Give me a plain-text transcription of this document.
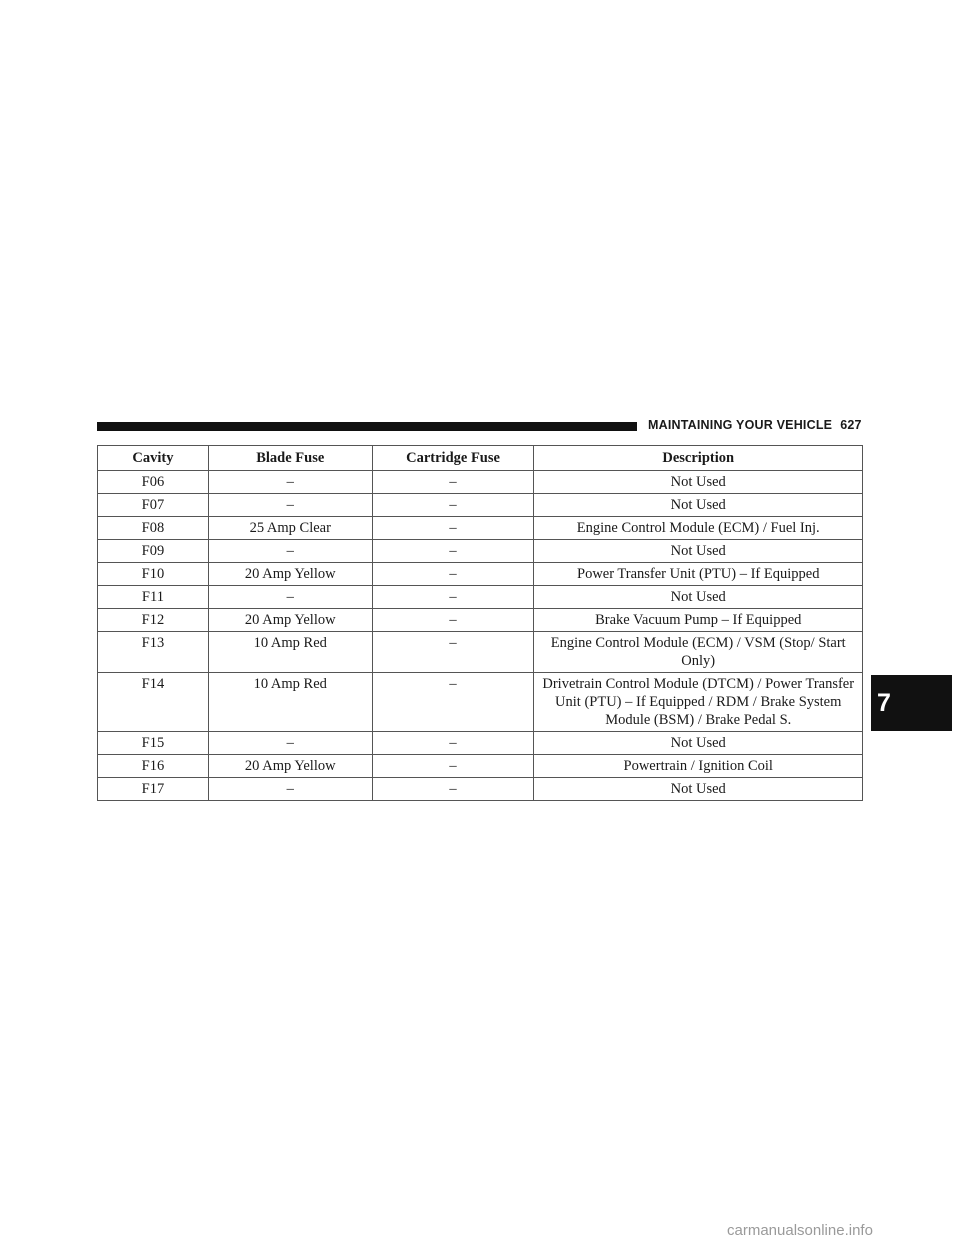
MAINTAINING YOUR VEHICLE 627
7
Cavity	Blade Fuse	Cartridge Fuse	Description
F06	–	–	Not Used
F07	–	–	Not Used
F08	25 Amp Clear	–	Engine Control Module (ECM) / Fuel Inj.
F09	–	–	Not Used
F10	20 Amp Yellow	–	Power Transfer Unit (PTU) – If Equipped
F11	–	–	Not Used
F12	20 Amp Yellow	–	Brake Vacuum Pump – If Equipped
F13	10 Amp Red	–	Engine Control Module (ECM) / VSM (Stop/ Start Only)
F14	10 Amp Red	–	Drivetrain Control Module (DTCM) / Power Transfer Unit (PTU) – If Equipped / RDM / Brake System Module (BSM) / Brake Pedal S.
F15	–	–	Not Used
F16	20 Amp Yellow	–	Powertrain / Ignition Coil
F17	–	–	Not Used
carmanualsonline.info
